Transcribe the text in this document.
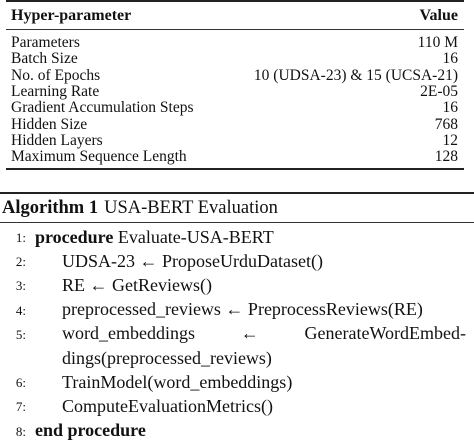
Hyper-parameter	Value
Parameters	110 M
Batch Size	16
No. of Epochs	10 (UDSA-23) & 15 (UCSA-21)
Learning Rate	2E-05
Gradient Accumulation Steps	16
Hidden Size	768
Hidden Layers	12
Maximum Sequence Length	128
Algorithm 1 USA-BERT Evaluation
1: procedure Evaluate-USA-BERT
2: UDSA-23 ← ProposeUrduDataset()
3: RE ← GetReviews()
4: preprocessed_reviews ← PreprocessReviews(RE)
5: word_embeddings	←	GenerateWordEmbed-
dings(preprocessed_reviews)
6: TrainModel(word_embeddings)
7: ComputeEvaluationMetrics()
8: end procedure
